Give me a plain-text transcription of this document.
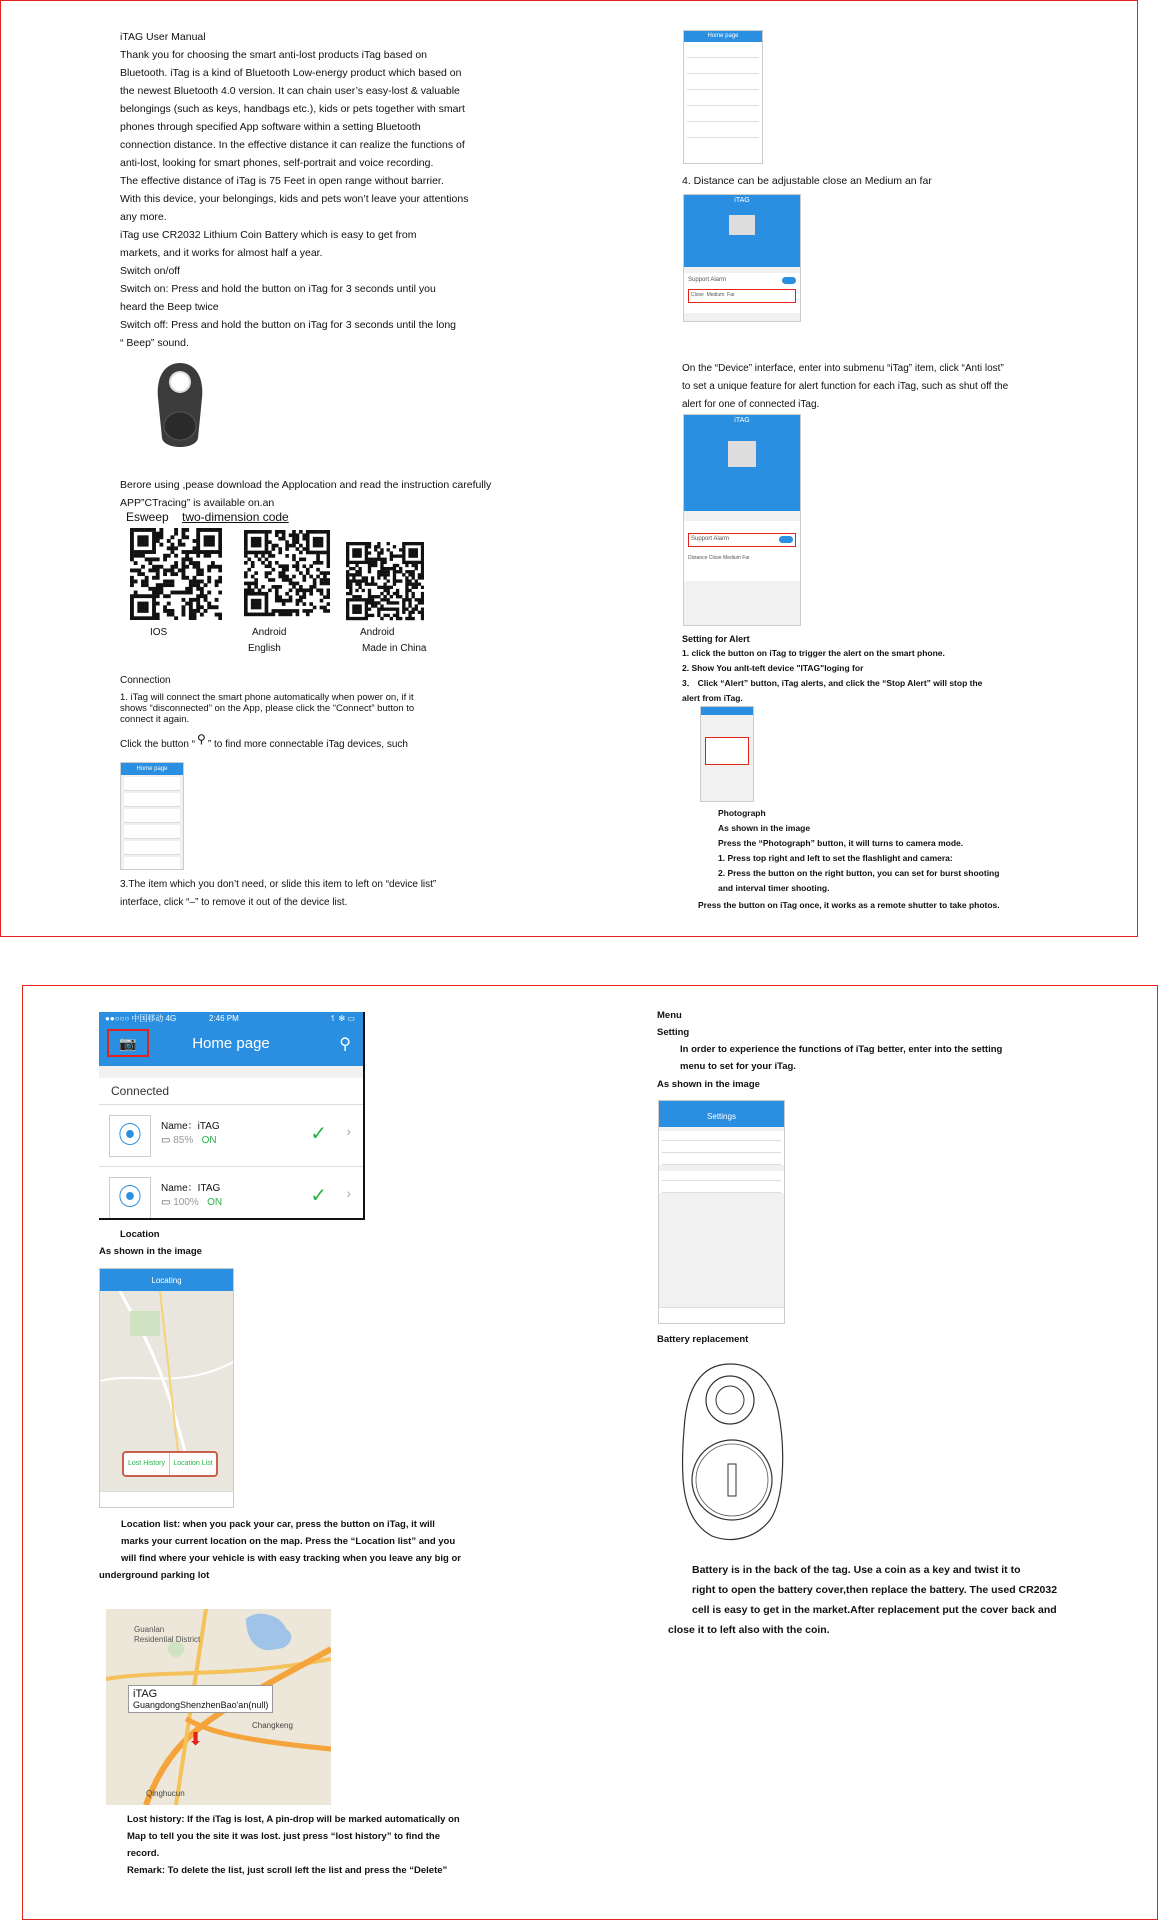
iTAG User Manual
Thank you for choosing the smart anti-lost products iTag based on
Bluetooth. iTag is a kind of Bluetooth Low-energy product which based on
the newest Bluetooth 4.0 version. It can chain user’s easy-lost & valuable
belongings (such as keys, handbags etc.), kids or pets together with smart
phones through specified App software within a setting Bluetooth
connection distance. In the effective distance it can realize the functions of
anti-lost, looking for smart phones, self-portrait and voice recording.
The effective distance of iTag is 75 Feet in open range without barrier.
With this device, your belongings, kids and pets won’t leave your attentions
any more.
iTag use CR2032 Lithium Coin Battery which is easy to get from
markets, and it works for almost half a year.
Switch on/off
Switch on: Press and hold the button on iTag for 3 seconds until you
heard the Beep twice
Switch off: Press and hold the button on iTag for 3 seconds until the long
“ Beep” sound.
Berore using ,pease download the Applocation and read the instruction carefully
APP”CTracing” is available on.an
Esweep two-dimension code
IOS	Android	Android
English	Made in China
Connection
1. iTag will connect the smart phone automatically when power on, if it
shows “disconnected” on the App, please click the “Connect” button to
connect it again.
Click the button “ ⚲ ” to find more connectable iTag devices, such
Home page
3.The item which you don’t need, or slide this item to left on “device list”
interface, click “–” to remove it out of the device list.
Home page
4. Distance can be adjustable close an Medium an far
iTAG
Support Alarm
Close Medium Far
On the “Device” interface, enter into submenu “iTag” item, click “Anti lost”
to set a unique feature for alert function for each iTag, such as shut off the
alert for one of connected iTag.
iTAG
Support Alarm
Distance Close Medium Far
Setting for Alert
1. click the button on iTag to trigger the alert on the smart phone.
2. Show You anlt-teft device "ITAG"loging for
3． Click “Alert” button, iTag alerts, and click the “Stop Alert” will stop the
alert from iTag.
Photograph
As shown in the image
Press the “Photograph” button, it will turns to camera mode.
1. Press top right and left to set the flashlight and camera:
2. Press the button on the right button, you can set for burst shooting
and interval timer shooting.
Press the button on iTag once, it works as a remote shutter to take photos.
●●○○○ 中国移动 4G	2:46 PM	↿ ✻ ▭
📷	Home page	⚲
Connected
⦿	Name：iTAG
▭ 85% ON	✓ ›
⦿	Name：ITAG
▭ 100% ON	✓ ›
Location
As shown in the image
Locating
Lost History Location List
Location list: when you pack your car, press the button on iTag, it will
marks your current location on the map. Press the “Location list” and you
will find where your vehicle is with easy tracking when you leave any big or
underground parking lot
Guanlan Residential District
Changkeng
Qinghucun
iTAG
GuangdongShenzhenBao'an(null)
⬇
Lost history: If the iTag is lost, A pin-drop will be marked automatically on
Map to tell you the site it was lost. just press “lost history” to find the
record.
Remark: To delete the list, just scroll left the list and press the “Delete”
Menu
Setting
In order to experience the functions of iTag better, enter into the setting
menu to set for your iTag.
As shown in the image
Settings
Battery replacement
Battery is in the back of the tag. Use a coin as a key and twist it to
right to open the battery cover,then replace the battery. The used CR2032
cell is easy to get in the market.After replacement put the cover back and
close it to left also with the coin.
